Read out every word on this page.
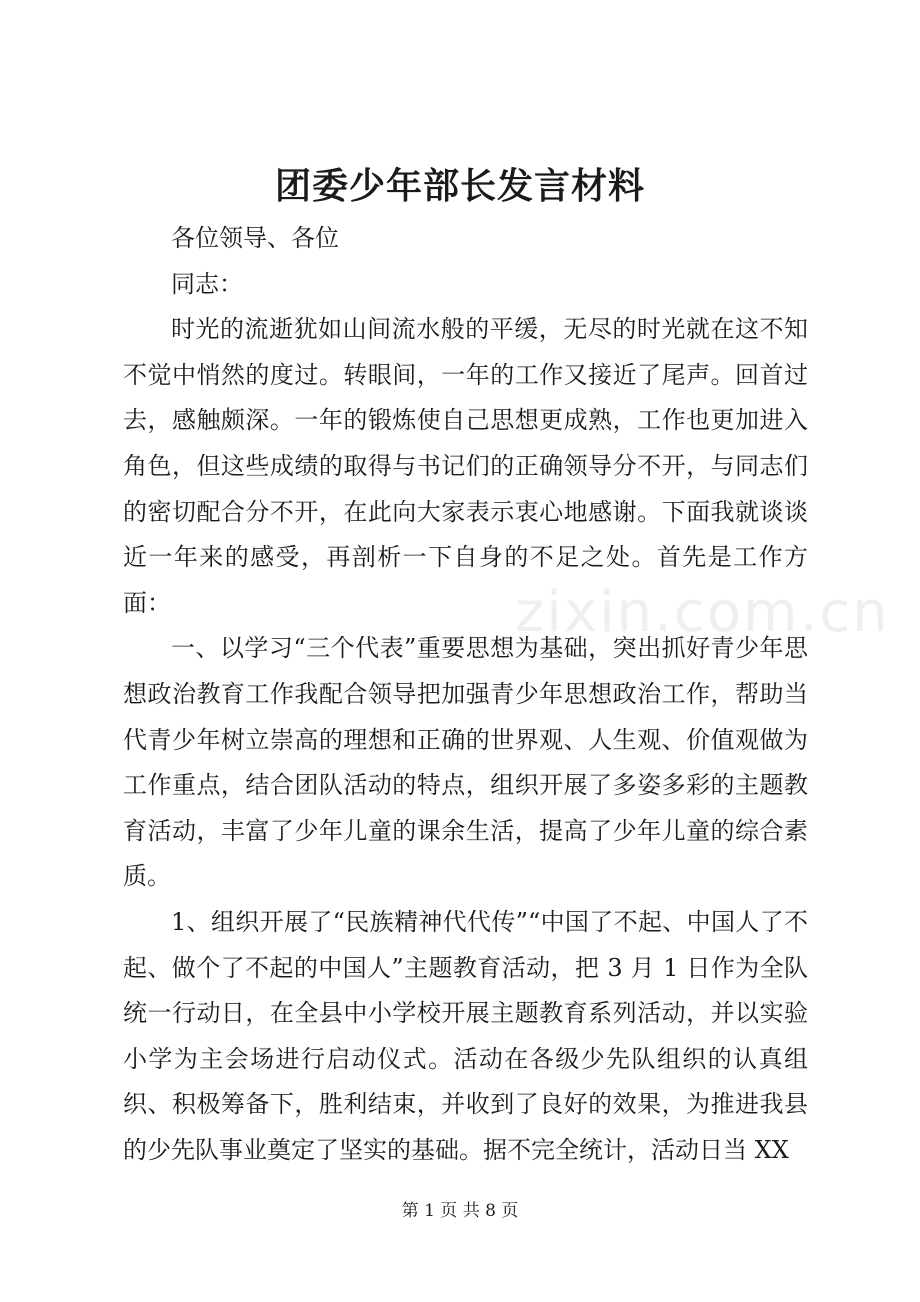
团委少年部长发言材料

各位领导、各位

同志：

时光的流逝犹如山间流水般的平缓，无尽的时光就在这不知不觉中悄然的度过。转眼间，一年的工作又接近了尾声。回首过去，感触颇深。一年的锻炼使自己思想更成熟，工作也更加进入角色，但这些成绩的取得与书记们的正确领导分不开，与同志们的密切配合分不开，在此向大家表示衷心地感谢。下面我就谈谈近一年来的感受，再剖析一下自身的不足之处。首先是工作方面：

一、以学习“三个代表”重要思想为基础，突出抓好青少年思想政治教育工作我配合领导把加强青少年思想政治工作，帮助当代青少年树立崇高的理想和正确的世界观、人生观、价值观做为工作重点，结合团队活动的特点，组织开展了多姿多彩的主题教育活动，丰富了少年儿童的课余生活，提高了少年儿童的综合素质。

1、组织开展了“民族精神代代传”“中国了不起、中国人了不起、做个了不起的中国人”主题教育活动，把 3 月 1 日作为全队统一行动日，在全县中小学校开展主题教育系列活动，并以实验小学为主会场进行启动仪式。活动在各级少先队组织的认真组织、积极筹备下，胜利结束，并收到了良好的效果，为推进我县的少先队事业奠定了坚实的基础。据不完全统计，活动日当 XX

zixin.com.cn
第 1 页 共 8 页
